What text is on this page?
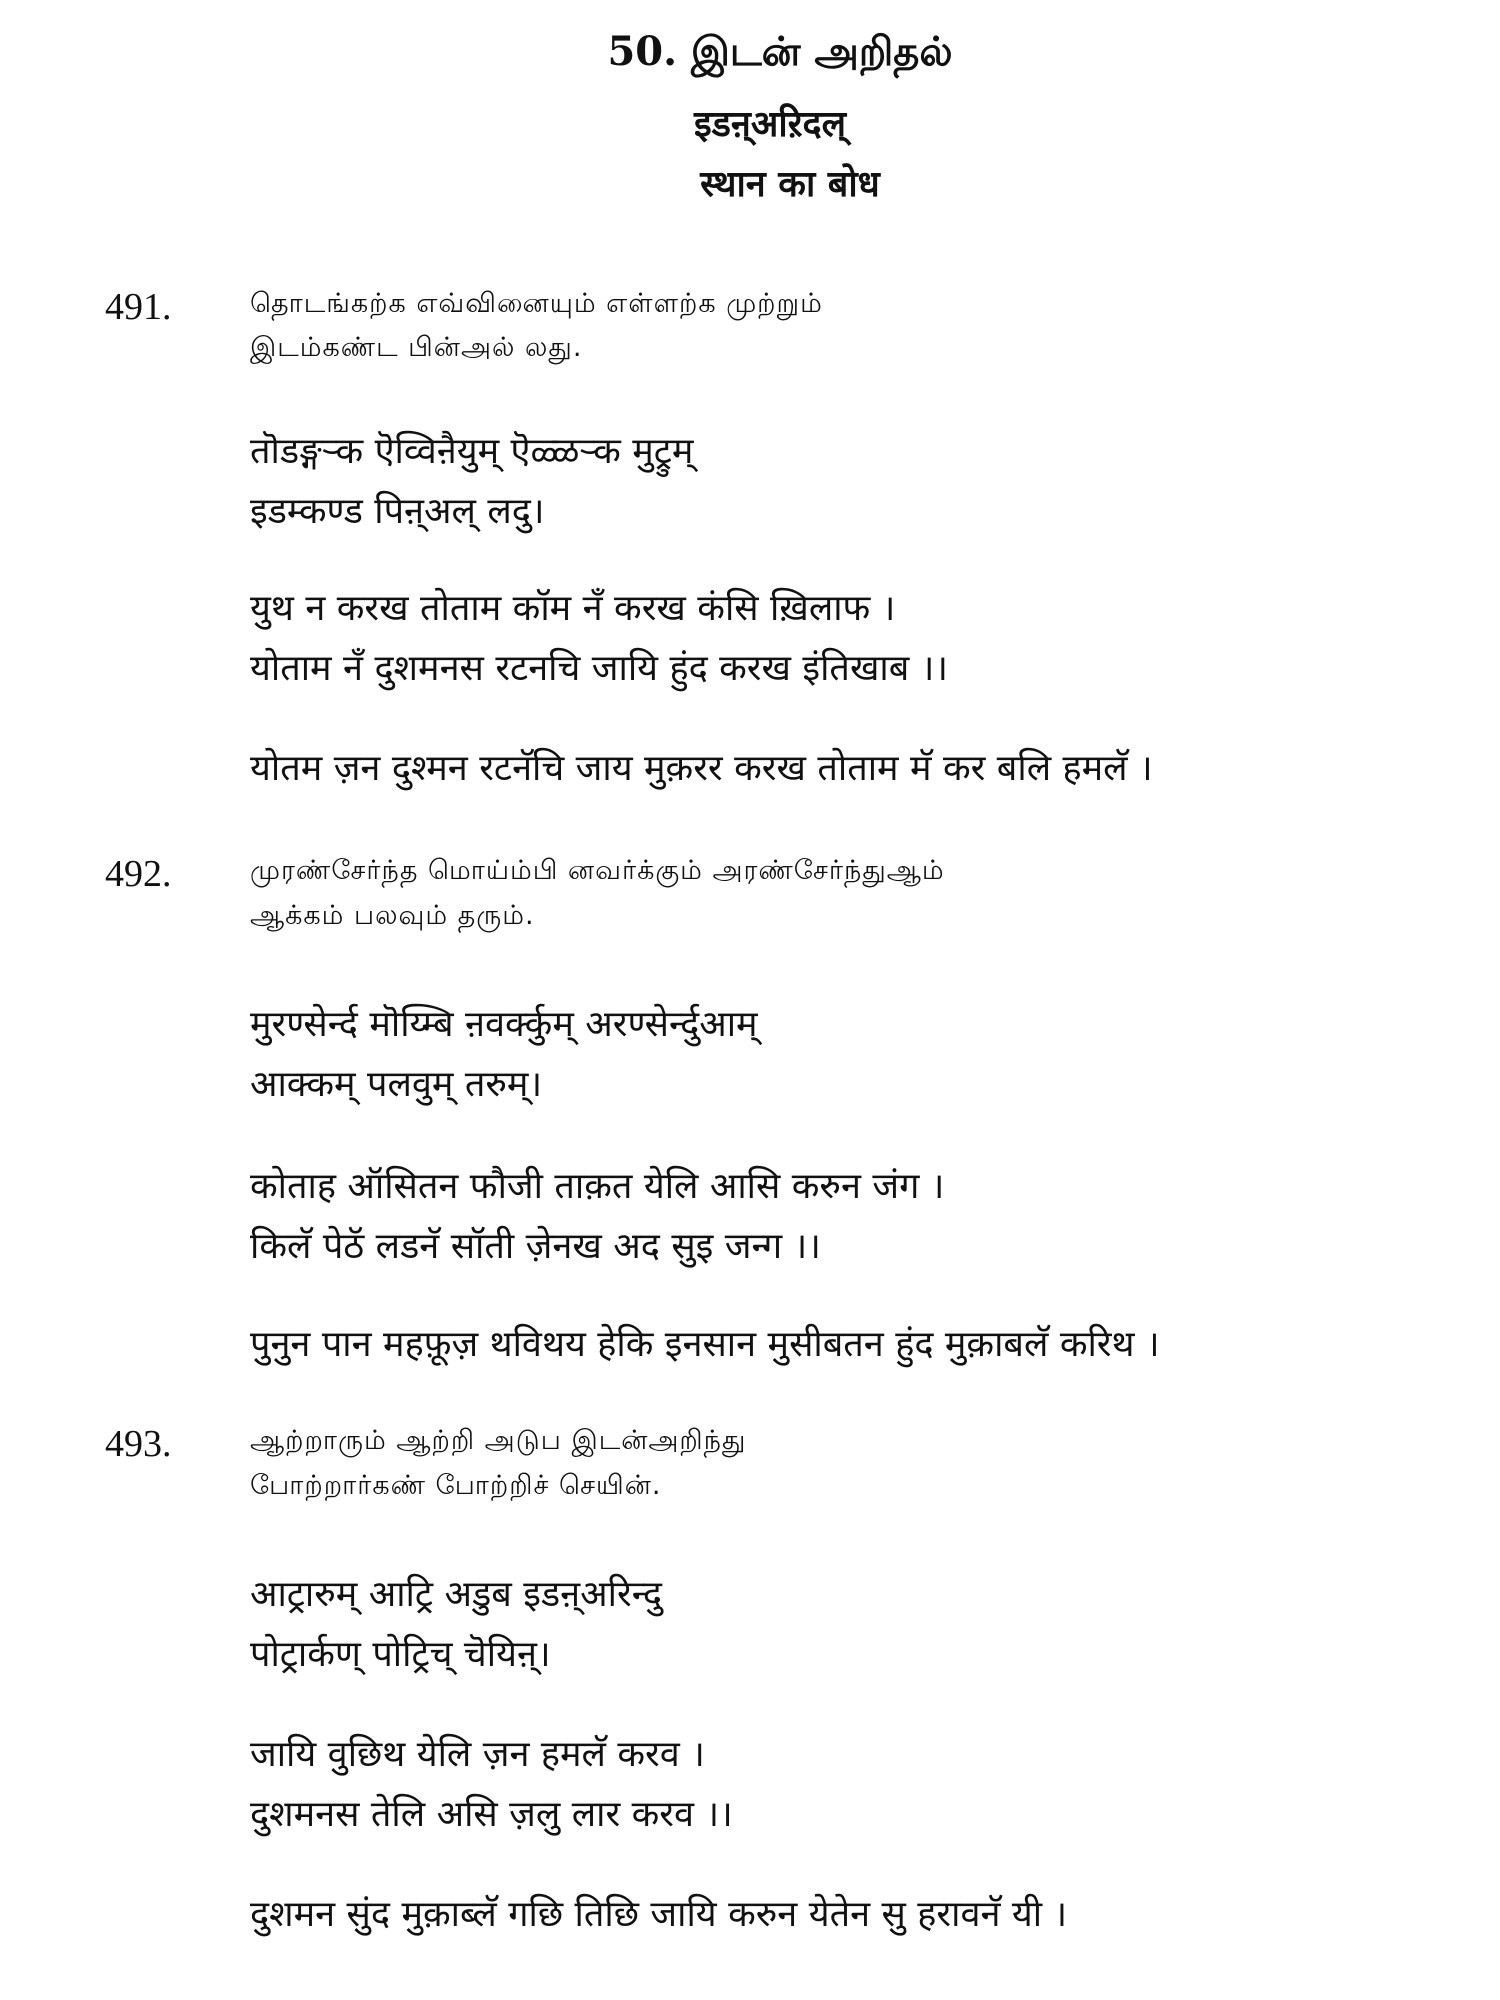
50. இடன் அறிதல்
इडऩ्अऱिदल्
स्थान का बोध
491.	தொடங்கற்க எவ்வினையும் எள்ளற்க முற்றும்
இடம்கண்ட பின்அல் லது.
तॊडङ्गऱ्क ऎव्विऩैयुम् ऎळ्ळऱ्क मुट्रुम्
इडम्कण्ड पिऩ्अल् लदु।
युथ न करख तोताम कॉम नँ करख कंसि ख़िलाफ ।
योताम नँ दुशमनस रटनचि जायि हुंद करख इंतिखाब ।।
योतम ज़न दुश्मन रटनॅचि जाय मुक़रर करख तोताम मॅ कर बलि हमलॅ ।
492.	முரண்சேர்ந்த மொய்ம்பி னவர்க்கும் அரண்சேர்ந்துஆம்
ஆக்கம் பலவும் தரும்.
मुरण्सेर्न्द मॊय्म्बि ऩवर्क्कुम् अरण्सेर्न्दुआम्
आक्कम् पलवुम् तरुम्।
कोताह ऑसितन फौजी ताक़त येलि आसि करुन जंग ।
किलॅ पेठॅ लडनॅ सॉती ज़ेनख अद सुइ जन्ग ।।
पुनुन पान महफ़ूज़ थविथय हेकि इनसान मुसीबतन हुंद मुक़ाबलॅ करिथ ।
493.	ஆற்றாரும் ஆற்றி அடுப இடன்அறிந்து
போற்றார்கண் போற்றிச் செயின்.
आट्रारुम् आट्रि अडुब इडऩ्अरिन्दु
पोट्रार्कण् पोट्रिच् चॆयिऩ्।
जायि वुछिथ येलि ज़न हमलॅ करव ।
दुशमनस तेलि असि ज़लु लार करव ।।
दुशमन सुंद मुक़ाब्लॅ गछि तिछि जायि करुन येतेन सु हरावनॅ यी ।
